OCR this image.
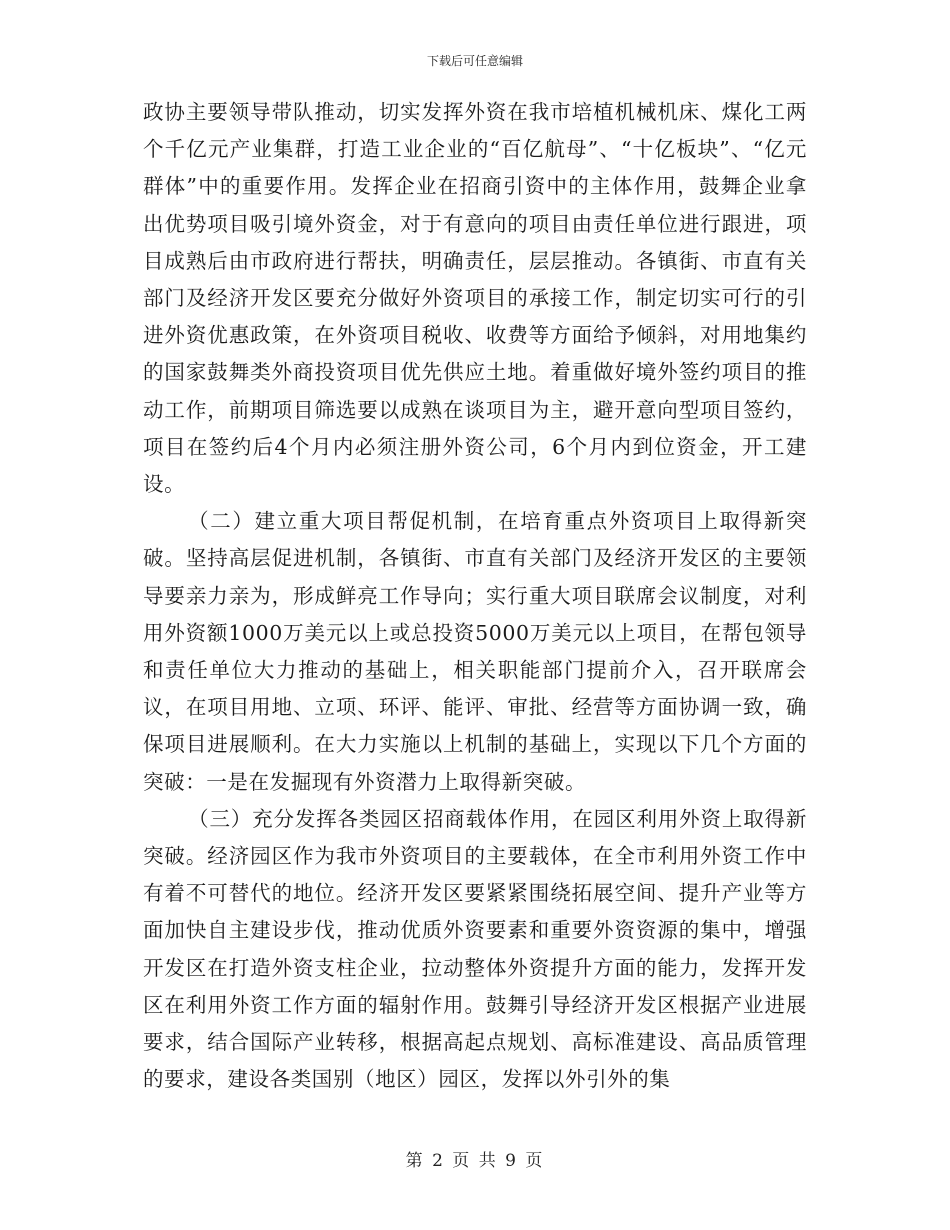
下载后可任意编辑

政协主要领导带队推动，切实发挥外资在我市培植机械机床、煤化工两个千亿元产业集群，打造工业企业的“百亿航母”、“十亿板块”、“亿元群体”中的重要作用。发挥企业在招商引资中的主体作用，鼓舞企业拿出优势项目吸引境外资金，对于有意向的项目由责任单位进行跟进，项目成熟后由市政府进行帮扶，明确责任，层层推动。各镇街、市直有关部门及经济开发区要充分做好外资项目的承接工作，制定切实可行的引进外资优惠政策，在外资项目税收、收费等方面给予倾斜，对用地集约的国家鼓舞类外商投资项目优先供应土地。着重做好境外签约项目的推动工作，前期项目筛选要以成熟在谈项目为主，避开意向型项目签约，项目在签约后4个月内必须注册外资公司，6个月内到位资金，开工建设。

（二）建立重大项目帮促机制，在培育重点外资项目上取得新突破。坚持高层促进机制，各镇街、市直有关部门及经济开发区的主要领导要亲力亲为，形成鲜亮工作导向；实行重大项目联席会议制度，对利用外资额1000万美元以上或总投资5000万美元以上项目，在帮包领导和责任单位大力推动的基础上，相关职能部门提前介入，召开联席会议，在项目用地、立项、环评、能评、审批、经营等方面协调一致，确保项目进展顺利。在大力实施以上机制的基础上，实现以下几个方面的突破：一是在发掘现有外资潜力上取得新突破。

（三）充分发挥各类园区招商载体作用，在园区利用外资上取得新突破。经济园区作为我市外资项目的主要载体，在全市利用外资工作中有着不可替代的地位。经济开发区要紧紧围绕拓展空间、提升产业等方面加快自主建设步伐，推动优质外资要素和重要外资资源的集中，增强开发区在打造外资支柱企业，拉动整体外资提升方面的能力，发挥开发区在利用外资工作方面的辐射作用。鼓舞引导经济开发区根据产业进展要求，结合国际产业转移，根据高起点规划、高标准建设、高品质管理的要求，建设各类国别（地区）园区，发挥以外引外的集

第 2 页 共 9 页
